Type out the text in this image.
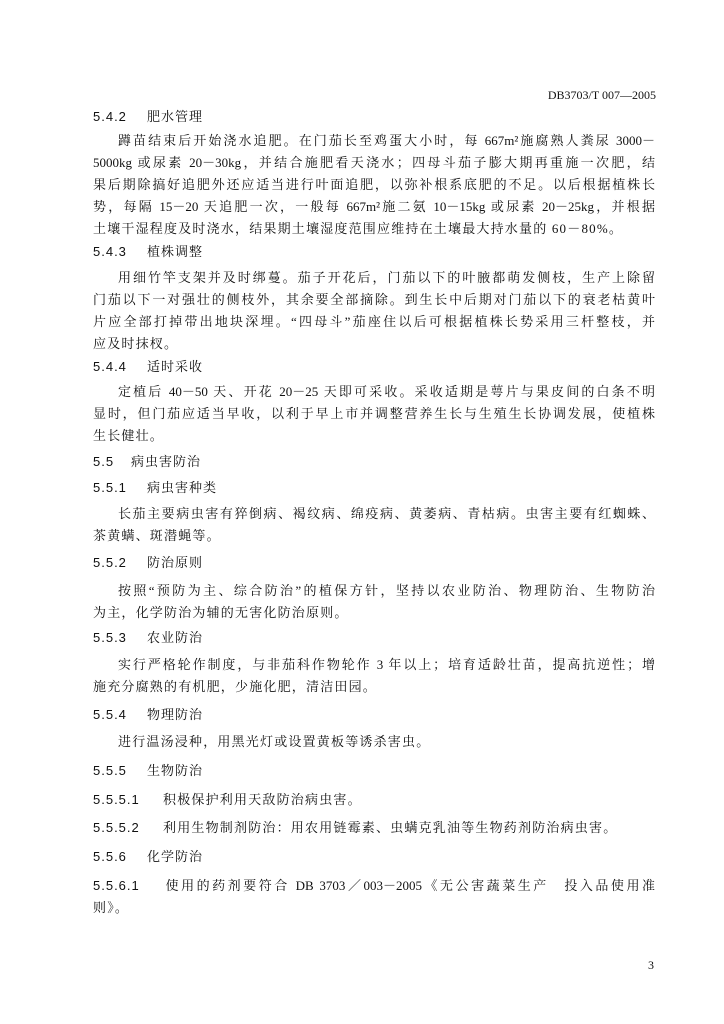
DB3703/T 007—2005
5.4.2 肥水管理
蹲苗结束后开始浇水追肥。在门茄长至鸡蛋大小时，每 667m²施腐熟人粪尿 3000－
5000kg 或尿素 20－30kg，并结合施肥看天浇水；四母斗茄子膨大期再重施一次肥，结
果后期除搞好追肥外还应适当进行叶面追肥，以弥补根系底肥的不足。以后根据植株长
势，每隔 15－20 天追肥一次，一般每 667m²施二氨 10－15kg 或尿素 20－25kg，并根据
土壤干湿程度及时浇水，结果期土壤湿度范围应维持在土壤最大持水量的 60－80%。
5.4.3 植株调整
用细竹竿支架并及时绑蔓。茄子开花后，门茄以下的叶腋都萌发侧枝，生产上除留
门茄以下一对强壮的侧枝外，其余要全部摘除。到生长中后期对门茄以下的衰老枯黄叶
片应全部打掉带出地块深埋。“四母斗”茄座住以后可根据植株长势采用三杆整枝，并
应及时抹杈。
5.4.4 适时采收
定植后 40－50 天、开花 20－25 天即可采收。采收适期是萼片与果皮间的白条不明
显时，但门茄应适当早收，以利于早上市并调整营养生长与生殖生长协调发展，使植株
生长健壮。
5.5 病虫害防治
5.5.1 病虫害种类
长茄主要病虫害有猝倒病、褐纹病、绵疫病、黄萎病、青枯病。虫害主要有红蜘蛛、
茶黄螨、斑潜蝇等。
5.5.2 防治原则
按照“预防为主、综合防治”的植保方针，坚持以农业防治、物理防治、生物防治
为主，化学防治为辅的无害化防治原则。
5.5.3 农业防治
实行严格轮作制度，与非茄科作物轮作 3 年以上；培育适龄壮苗，提高抗逆性；增
施充分腐熟的有机肥，少施化肥，清洁田园。
5.5.4 物理防治
进行温汤浸种，用黑光灯或设置黄板等诱杀害虫。
5.5.5 生物防治
5.5.5.1 积极保护利用天敌防治病虫害。
5.5.5.2 利用生物制剂防治：用农用链霉素、虫螨克乳油等生物药剂防治病虫害。
5.5.6 化学防治
5.5.6.1 使用的药剂要符合 DB 3703／003－2005《无公害蔬菜生产　投入品使用准
则》。
3
